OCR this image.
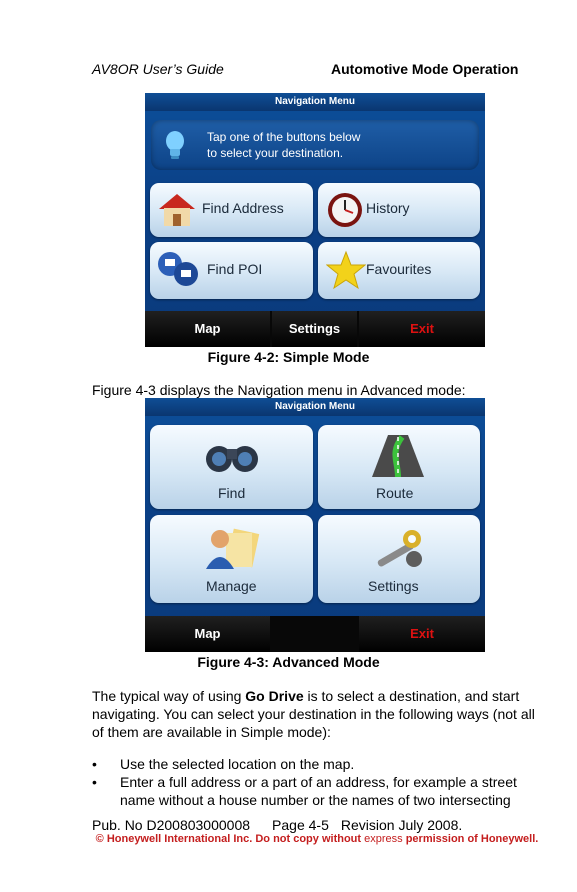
AV8OR User’s Guide	Automotive Mode Operation
Navigation Menu
Tap one of the buttons below
to select your destination.
Find Address	History
Find POI	Favourites
Map	Settings	Exit
Figure 4-2: Simple Mode
Figure 4-3 displays the Navigation menu in Advanced mode:
Navigation Menu
Find	Route
Manage	Settings
Map	Exit
Figure 4-3: Advanced Mode
The typical way of using Go Drive is to select a destination, and start navigating. You can select your destination in the following ways (not all of them are available in Simple mode):
• Use the selected location on the map.
• Enter a full address or a part of an address, for example a street name without a house number or the names of two intersecting
Pub. No D200803000008 Page 4-5 Revision July 2008.
© Honeywell International Inc. Do not copy without express permission of Honeywell.
